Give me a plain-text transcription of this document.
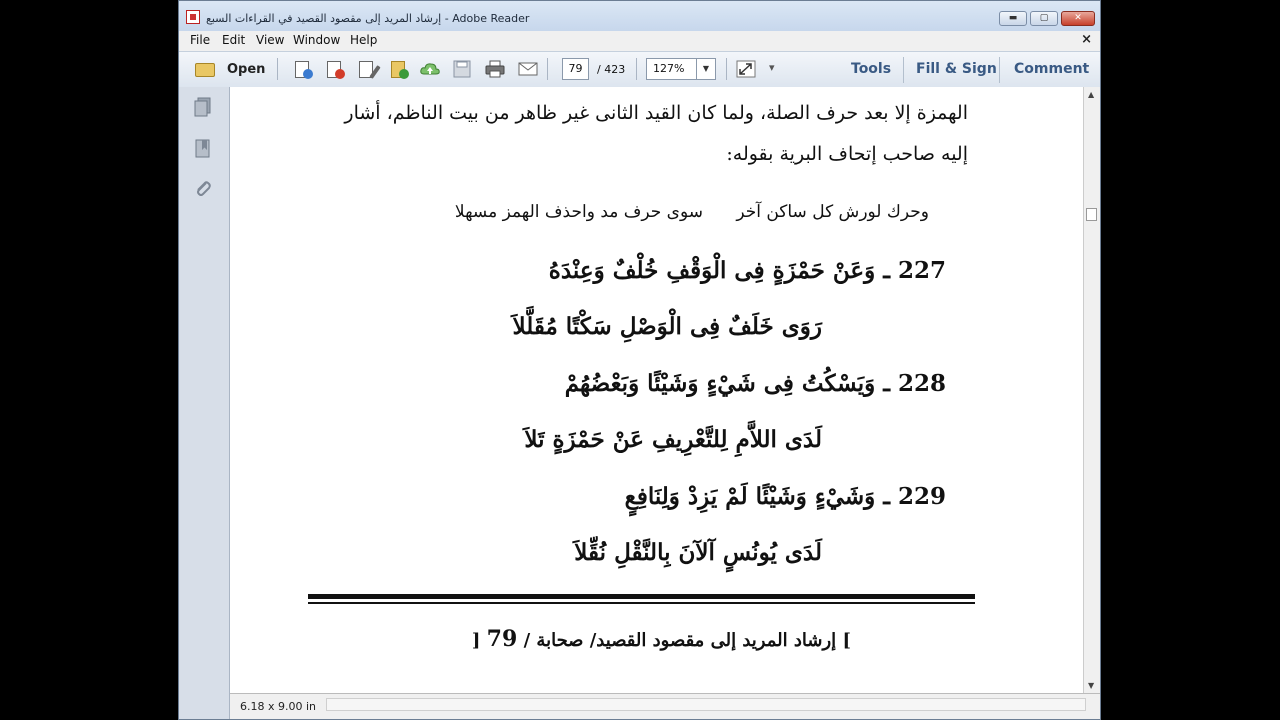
إرشاد المريد إلى مقصود القصيد في القراءات السبع - Adobe Reader	▬	▢	✕
File Edit View Window Help	×
Open	79	/ 423	127%	▼	▾	Tools Fill & Sign Comment
الهمزة إلا بعد حرف الصلة، ولما كان القيد الثانى غير ظاهر من بيت الناظم، أشار
إليه صاحب إتحاف البرية بقوله:
وحرك لورش كل ساكن آخر
سوى حرف مد واحذف الهمز مسهلا
227 ـ وَعَنْ حَمْزَةٍ فِى الْوَقْفِ خُلْفٌ وَعِنْدَهُ
رَوَى خَلَفٌ فِى الْوَصْلِ سَكْتًا مُقَلَّلاَ
228 ـ وَيَسْكُتُ فِى شَيْءٍ وَشَيْئًا وَبَعْضُهُمْ
لَدَى اللاَّمِ لِلتَّعْرِيفِ عَنْ حَمْزَةٍ تَلاَ
229 ـ وَشَيْءٍ وَشَيْئًا لَمْ يَزِدْ وَلِنَافِعٍ
لَدَى يُونُسٍ آلآنَ بِالنَّقْلِ نُقِّلاَ
] إرشاد المريد إلى مقصود القصيد/ صحابة / 79 [
▲
▼
6.18 x 9.00 in
